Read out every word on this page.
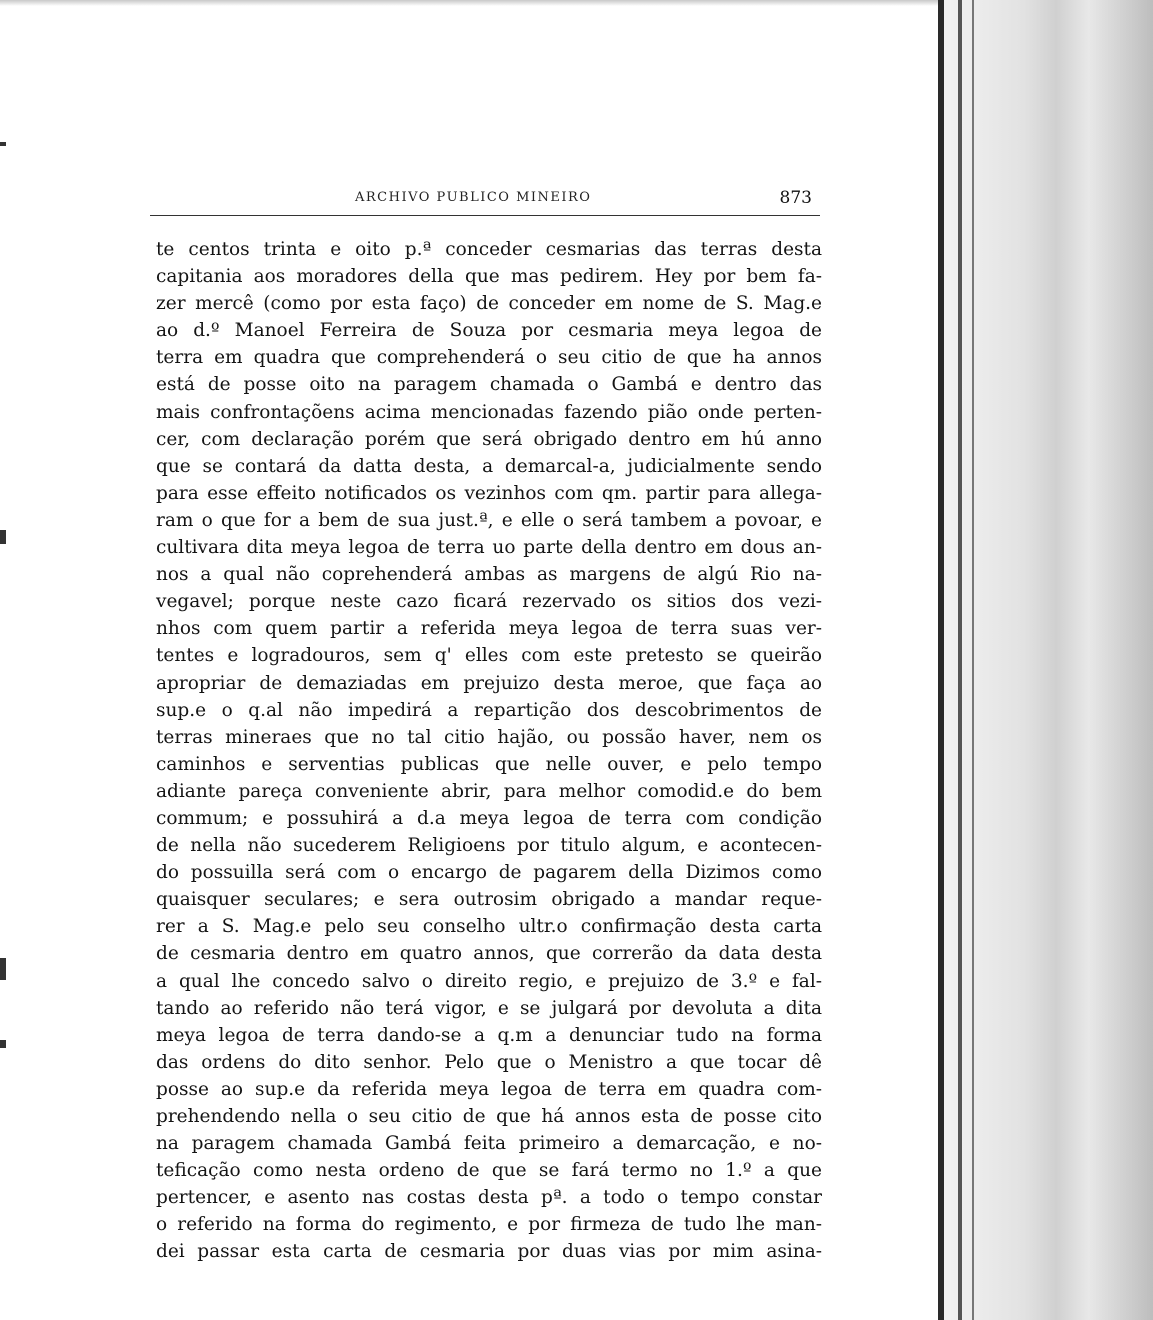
ARCHIVO PUBLICO MINEIRO	873
te centos trinta e oito p.ª conceder cesmarias das terras desta
capitania aos moradores della que mas pedirem. Hey por bem fa-
zer mercê (como por esta faço) de conceder em nome de S. Mag.e
ao d.º Manoel Ferreira de Souza por cesmaria meya legoa de
terra em quadra que comprehenderá o seu citio de que ha annos
está de posse oito na paragem chamada o Gambá e dentro das
mais confrontaçõens acima mencionadas fazendo pião onde perten-
cer, com declaração porém que será obrigado dentro em hú anno
que se contará da datta desta, a demarcal-a, judicialmente sendo
para esse effeito notificados os vezinhos com qm. partir para allega-
ram o que for a bem de sua just.ª, e elle o será tambem a povoar, e
cultivara dita meya legoa de terra uo parte della dentro em dous an-
nos a qual não coprehenderá ambas as margens de algú Rio na-
vegavel; porque neste cazo ficará rezervado os sitios dos vezi-
nhos com quem partir a referida meya legoa de terra suas ver-
tentes e logradouros, sem q' elles com este pretesto se queirão
apropriar de demaziadas em prejuizo desta meroe, que faça ao
sup.e o q.al não impedirá a repartição dos descobrimentos de
terras mineraes que no tal citio hajão, ou possão haver, nem os
caminhos e serventias publicas que nelle ouver, e pelo tempo
adiante pareça conveniente abrir, para melhor comodid.e do bem
commum; e possuhirá a d.a meya legoa de terra com condição
de nella não sucederem Religioens por titulo algum, e acontecen-
do possuilla será com o encargo de pagarem della Dizimos como
quaisquer seculares; e sera outrosim obrigado a mandar reque-
rer a S. Mag.e pelo seu conselho ultr.o confirmação desta carta
de cesmaria dentro em quatro annos, que correrão da data desta
a qual lhe concedo salvo o direito regio, e prejuizo de 3.º e fal-
tando ao referido não terá vigor, e se julgará por devoluta a dita
meya legoa de terra dando-se a q.m a denunciar tudo na forma
das ordens do dito senhor. Pelo que o Menistro a que tocar dê
posse ao sup.e da referida meya legoa de terra em quadra com-
prehendendo nella o seu citio de que há annos esta de posse cito
na paragem chamada Gambá feita primeiro a demarcação, e no-
teficação como nesta ordeno de que se fará termo no 1.º a que
pertencer, e asento nas costas desta pª. a todo o tempo constar
o referido na forma do regimento, e por firmeza de tudo lhe man-
dei passar esta carta de cesmaria por duas vias por mim asina-
